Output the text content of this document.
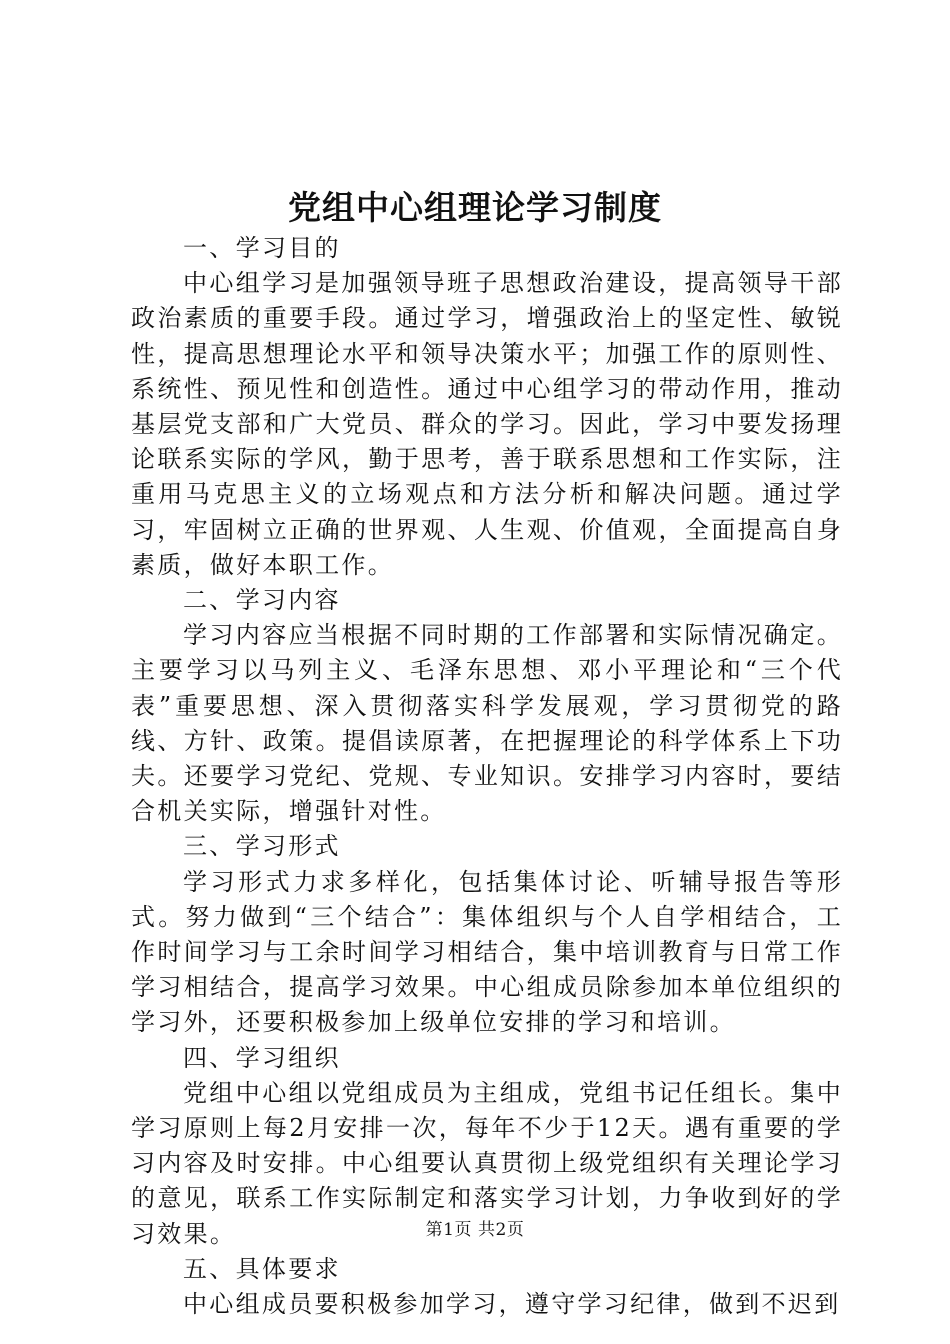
党组中心组理论学习制度

一、学习目的

中心组学习是加强领导班子思想政治建设，提高领导干部政治素质的重要手段。通过学习，增强政治上的坚定性、敏锐性，提高思想理论水平和领导决策水平；加强工作的原则性、系统性、预见性和创造性。通过中心组学习的带动作用，推动基层党支部和广大党员、群众的学习。因此，学习中要发扬理论联系实际的学风，勤于思考，善于联系思想和工作实际，注重用马克思主义的立场观点和方法分析和解决问题。通过学习，牢固树立正确的世界观、人生观、价值观，全面提高自身素质，做好本职工作。

二、学习内容

学习内容应当根据不同时期的工作部署和实际情况确定。主要学习以马列主义、毛泽东思想、邓小平理论和“三个代表”重要思想、深入贯彻落实科学发展观，学习贯彻党的路线、方针、政策。提倡读原著，在把握理论的科学体系上下功夫。还要学习党纪、党规、专业知识。安排学习内容时，要结合机关实际，增强针对性。

三、学习形式

学习形式力求多样化，包括集体讨论、听辅导报告等形式。努力做到“三个结合”：集体组织与个人自学相结合，工作时间学习与工余时间学习相结合，集中培训教育与日常工作学习相结合，提高学习效果。中心组成员除参加本单位组织的学习外，还要积极参加上级单位安排的学习和培训。

四、学习组织

党组中心组以党组成员为主组成，党组书记任组长。集中学习原则上每2月安排一次，每年不少于12天。遇有重要的学习内容及时安排。中心组要认真贯彻上级党组织有关理论学习的意见，联系工作实际制定和落实学习计划，力争收到好的学习效果。

五、具体要求

中心组成员要积极参加学习，遵守学习纪律，做到不迟到

第1页 共2页
